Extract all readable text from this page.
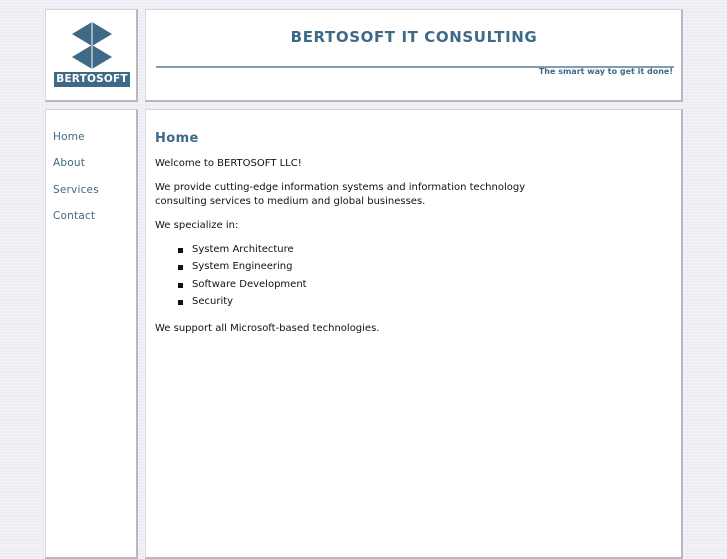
BERTOSOFT
BERTOSOFT IT CONSULTING
The smart way to get it done!
Home
About
Services
Contact
Home

Welcome to BERTOSOFT LLC!

We provide cutting-edge information systems and information technology consulting services to medium and global businesses.

We specialize in:

System Architecture
System Engineering
Software Development
Security

We support all Microsoft-based technologies.
